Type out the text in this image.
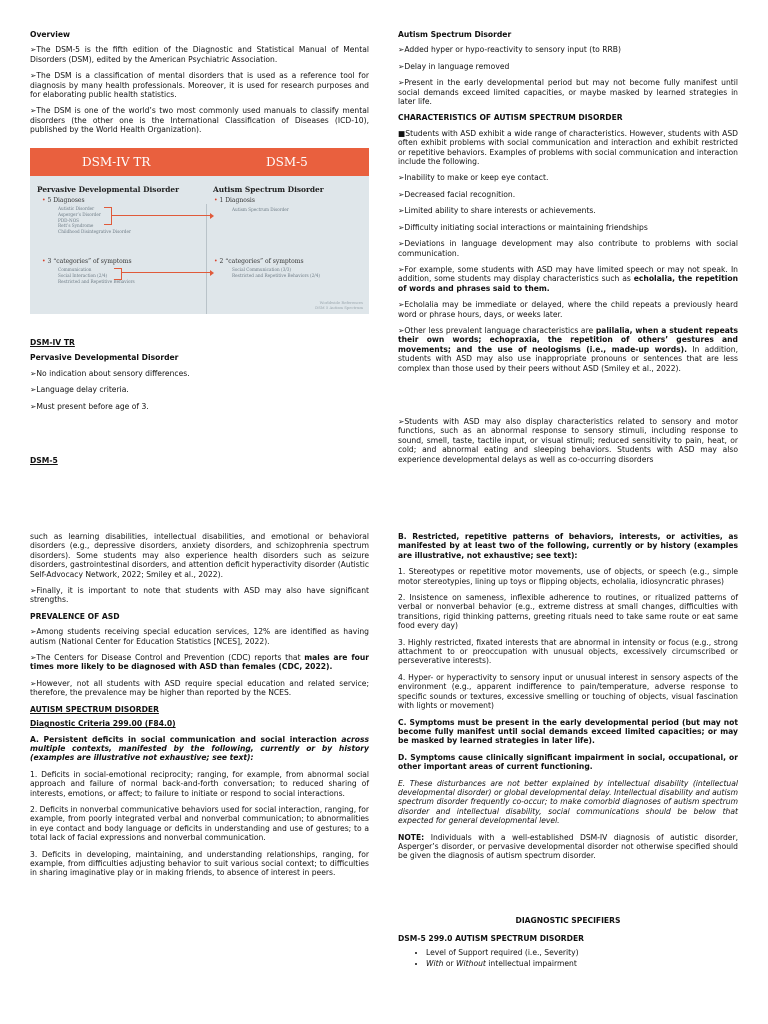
Overview

➢The DSM-5 is the fifth edition of the Diagnostic and Statistical Manual of Mental Disorders (DSM), edited by the American Psychiatric Association.

➢The DSM is a classification of mental disorders that is used as a reference tool for diagnosis by many health professionals. Moreover, it is used for research purposes and for elaborating public health statistics.

➢The DSM is one of the world’s two most commonly used manuals to classify mental disorders (the other one is the International Classification of Diseases (ICD-10), published by the World Health Organization).

DSM-IV TR	DSM-5
Pervasive Developmental Disorder
• 5 Diagnoses
Autistic Disorder
Asperger’s Disorder
PDD-NOS
Rett’s Syndrome
Childhood Disintegrative Disorder
• 3 “categories” of symptoms
Communication
Social Interaction (2/4)
Restricted and Repetitive Behaviors
Autism Spectrum Disorder
• 1 Diagnosis
Autism Spectrum Disorder
• 2 “categories” of symptoms
Social Communication (3/3)
Restricted and Repetitive Behaviors (2/4)
Worldwide References
DSM 5 Autism Spectrum

DSM-IV TR

Pervasive Developmental Disorder

➢No indication about sensory differences.

➢Language delay criteria.

➢Must present before age of 3.

DSM-5

Autism Spectrum Disorder

➢Added hyper or hypo-reactivity to sensory input (to RRB)

➢Delay in language removed

➢Present in the early developmental period but may not become fully manifest until social demands exceed limited capacities, or maybe masked by learned strategies in later life.

CHARACTERISTICS OF AUTISM SPECTRUM DISORDER

■Students with ASD exhibit a wide range of characteristics. However, students with ASD often exhibit problems with social communication and interaction and exhibit restricted or repetitive behaviors. Examples of problems with social communication and interaction include the following.

➢Inability to make or keep eye contact.

➢Decreased facial recognition.

➢Limited ability to share interests or achievements.

➢Difficulty initiating social interactions or maintaining friendships

➢Deviations in language development may also contribute to problems with social communication.

➢For example, some students with ASD may have limited speech or may not speak. In addition, some students may display characteristics such as echolalia, the repetition of words and phrases said to them.

➢Echolalia may be immediate or delayed, where the child repeats a previously heard word or phrase hours, days, or weeks later.

➢Other less prevalent language characteristics are palilalia, when a student repeats their own words; echopraxia, the repetition of others’ gestures and movements; and the use of neologisms (i.e., made-up words). In addition, students with ASD may also use inappropriate pronouns or sentences that are less complex than those used by their peers without ASD (Smiley et al., 2022).

➢Students with ASD may also display characteristics related to sensory and motor functions, such as an abnormal response to sensory stimuli, including response to sound, smell, taste, tactile input, or visual stimuli; reduced sensitivity to pain, heat, or cold; and abnormal eating and sleeping behaviors. Students with ASD may also experience developmental delays as well as co-occurring disorders

such as learning disabilities, intellectual disabilities, and emotional or behavioral disorders (e.g., depressive disorders, anxiety disorders, and schizophrenia spectrum disorders). Some students may also experience health disorders such as seizure disorders, gastrointestinal disorders, and attention deficit hyperactivity disorder (Autistic Self-Advocacy Network, 2022; Smiley et al., 2022).

➢Finally, it is important to note that students with ASD may also have significant strengths.

PREVALENCE OF ASD

➢Among students receiving special education services, 12% are identified as having autism (National Center for Education Statistics [NCES], 2022).

➢The Centers for Disease Control and Prevention (CDC) reports that males are four times more likely to be diagnosed with ASD than females (CDC, 2022).

➢However, not all students with ASD require special education and related service; therefore, the prevalence may be higher than reported by the NCES.

AUTISM SPECTRUM DISORDER

Diagnostic Criteria 299.00 (F84.0)

A. Persistent deficits in social communication and social interaction across multiple contexts, manifested by the following, currently or by history (examples are illustrative not exhaustive; see text):

1. Deficits in social-emotional reciprocity; ranging, for example, from abnormal social approach and failure of normal back-and-forth conversation; to reduced sharing of interests, emotions, or affect; to failure to initiate or respond to social interactions.

2. Deficits in nonverbal communicative behaviors used for social interaction, ranging, for example, from poorly integrated verbal and nonverbal communication; to abnormalities in eye contact and body language or deficits in understanding and use of gestures; to a total lack of facial expressions and nonverbal communication.

3. Deficits in developing, maintaining, and understanding relationships, ranging, for example, from difficulties adjusting behavior to suit various social context; to difficulties in sharing imaginative play or in making friends, to absence of interest in peers.

B. Restricted, repetitive patterns of behaviors, interests, or activities, as manifested by at least two of the following, currently or by history (examples are illustrative, not exhaustive; see text):

1. Stereotypes or repetitive motor movements, use of objects, or speech (e.g., simple motor stereotypies, lining up toys or flipping objects, echolalia, idiosyncratic phrases)

2. Insistence on sameness, inflexible adherence to routines, or ritualized patterns of verbal or nonverbal behavior (e.g., extreme distress at small changes, difficulties with transitions, rigid thinking patterns, greeting rituals need to take same route or eat same food every day)

3. Highly restricted, fixated interests that are abnormal in intensity or focus (e.g., strong attachment to or preoccupation with unusual objects, excessively circumscribed or perseverative interests).

4. Hyper- or hyperactivity to sensory input or unusual interest in sensory aspects of the environment (e.g., apparent indifference to pain/temperature, adverse response to specific sounds or textures, excessive smelling or touching of objects, visual fascination with lights or movement)

C. Symptoms must be present in the early developmental period (but may not become fully manifest until social demands exceed limited capacities; or may be masked by learned strategies in later life).

D. Symptoms cause clinically significant impairment in social, occupational, or other important areas of current functioning.

E. These disturbances are not better explained by intellectual disability (intellectual developmental disorder) or global developmental delay. Intellectual disability and autism spectrum disorder frequently co-occur; to make comorbid diagnoses of autism spectrum disorder and intellectual disability, social communications should be below that expected for general developmental level.

NOTE: Individuals with a well-established DSM-IV diagnosis of autistic disorder, Asperger’s disorder, or pervasive developmental disorder not otherwise specified should be given the diagnosis of autism spectrum disorder.

DIAGNOSTIC SPECIFIERS

DSM-5 299.0 AUTISM SPECTRUM DISORDER

• Level of Support required (i.e., Severity)
• With or Without intellectual impairment
